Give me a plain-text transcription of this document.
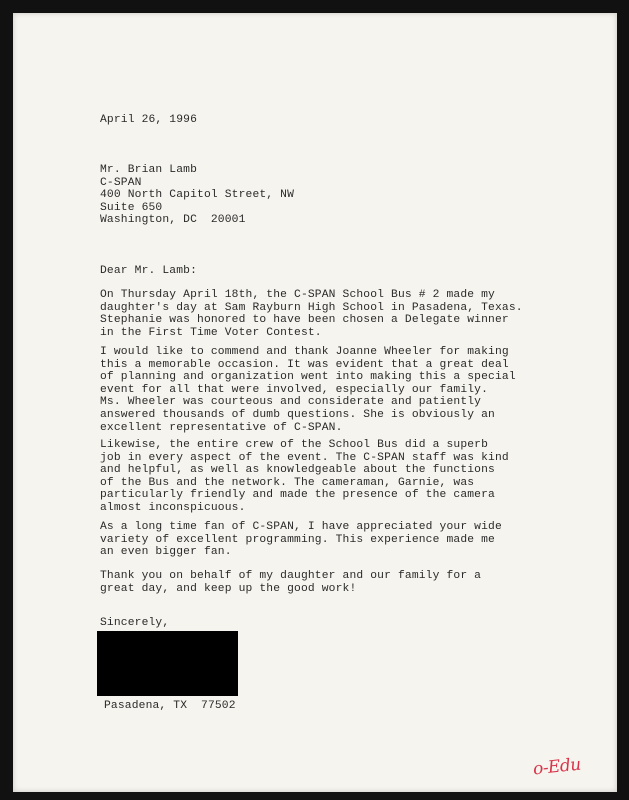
April 26, 1996
Mr. Brian Lamb
C-SPAN
400 North Capitol Street, NW
Suite 650
Washington, DC  20001
Dear Mr. Lamb:
On Thursday April 18th, the C-SPAN School Bus # 2 made my
daughter's day at Sam Rayburn High School in Pasadena, Texas.
Stephanie was honored to have been chosen a Delegate winner
in the First Time Voter Contest.
I would like to commend and thank Joanne Wheeler for making
this a memorable occasion. It was evident that a great deal
of planning and organization went into making this a special
event for all that were involved, especially our family.
Ms. Wheeler was courteous and considerate and patiently
answered thousands of dumb questions. She is obviously an
excellent representative of C-SPAN.
Likewise, the entire crew of the School Bus did a superb
job in every aspect of the event. The C-SPAN staff was kind
and helpful, as well as knowledgeable about the functions
of the Bus and the network. The cameraman, Garnie, was
particularly friendly and made the presence of the camera
almost inconspicuous.
As a long time fan of C-SPAN, I have appreciated your wide
variety of excellent programming. This experience made me
an even bigger fan.
Thank you on behalf of my daughter and our family for a
great day, and keep up the good work!
Sincerely,
Pasadena, TX  77502
o-Edu
